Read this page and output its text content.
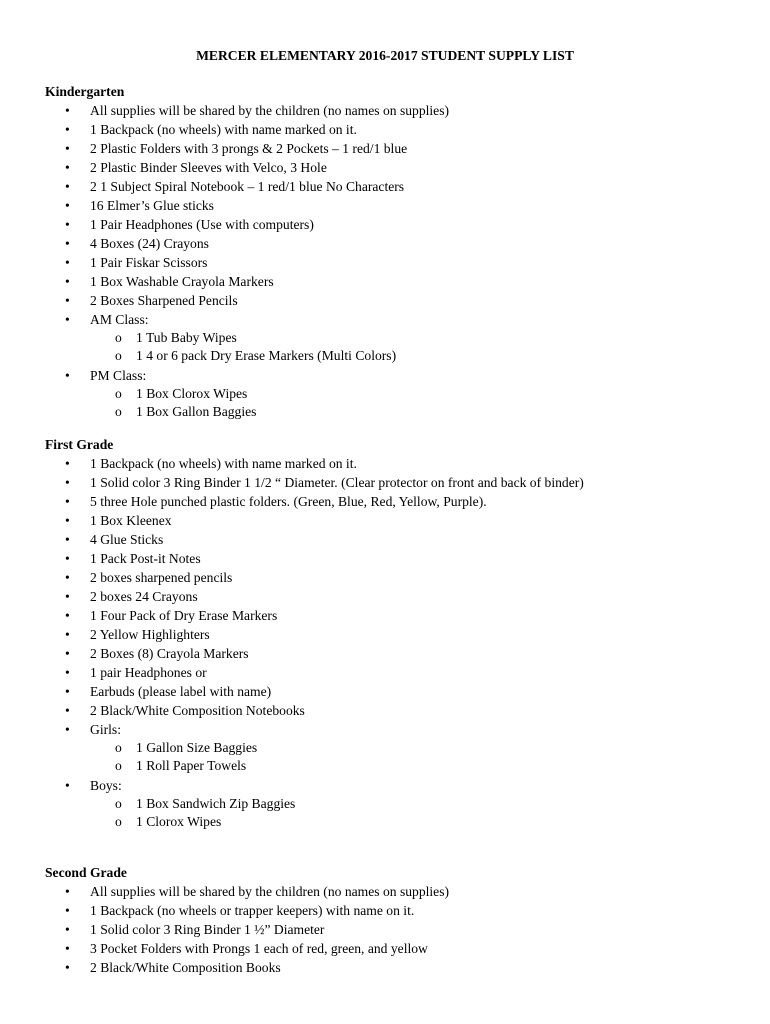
MERCER ELEMENTARY 2016-2017 STUDENT SUPPLY LIST
Kindergarten
• All supplies will be shared by the children (no names on supplies)
• 1 Backpack (no wheels) with name marked on it.
• 2 Plastic Folders with 3 prongs & 2 Pockets – 1 red/1 blue
• 2 Plastic Binder Sleeves with Velco, 3 Hole
• 2 1 Subject Spiral Notebook – 1 red/1 blue No Characters
• 16 Elmer’s Glue sticks
• 1 Pair Headphones (Use with computers)
• 4 Boxes (24) Crayons
• 1 Pair Fiskar Scissors
• 1 Box Washable Crayola Markers
• 2 Boxes Sharpened Pencils
• AM Class:
o 1 Tub Baby Wipes
o 1 4 or 6 pack Dry Erase Markers (Multi Colors)
• PM Class:
o 1 Box Clorox Wipes
o 1 Box Gallon Baggies
First Grade
• 1 Backpack (no wheels) with name marked on it.
• 1 Solid color 3 Ring Binder 1 1/2 “ Diameter. (Clear protector on front and back of binder)
• 5 three Hole punched plastic folders. (Green, Blue, Red, Yellow, Purple).
• 1 Box Kleenex
• 4 Glue Sticks
• 1 Pack Post-it Notes
• 2 boxes sharpened pencils
• 2 boxes 24 Crayons
• 1 Four Pack of Dry Erase Markers
• 2 Yellow Highlighters
• 2 Boxes (8) Crayola Markers
• 1 pair Headphones or
• Earbuds (please label with name)
• 2 Black/White Composition Notebooks
• Girls:
o 1 Gallon Size Baggies
o 1 Roll Paper Towels
• Boys:
o 1 Box Sandwich Zip Baggies
o 1 Clorox Wipes
Second Grade
• All supplies will be shared by the children (no names on supplies)
• 1 Backpack (no wheels or trapper keepers) with name on it.
• 1 Solid color 3 Ring Binder 1 ½” Diameter
• 3 Pocket Folders with Prongs 1 each of red, green, and yellow
• 2 Black/White Composition Books
